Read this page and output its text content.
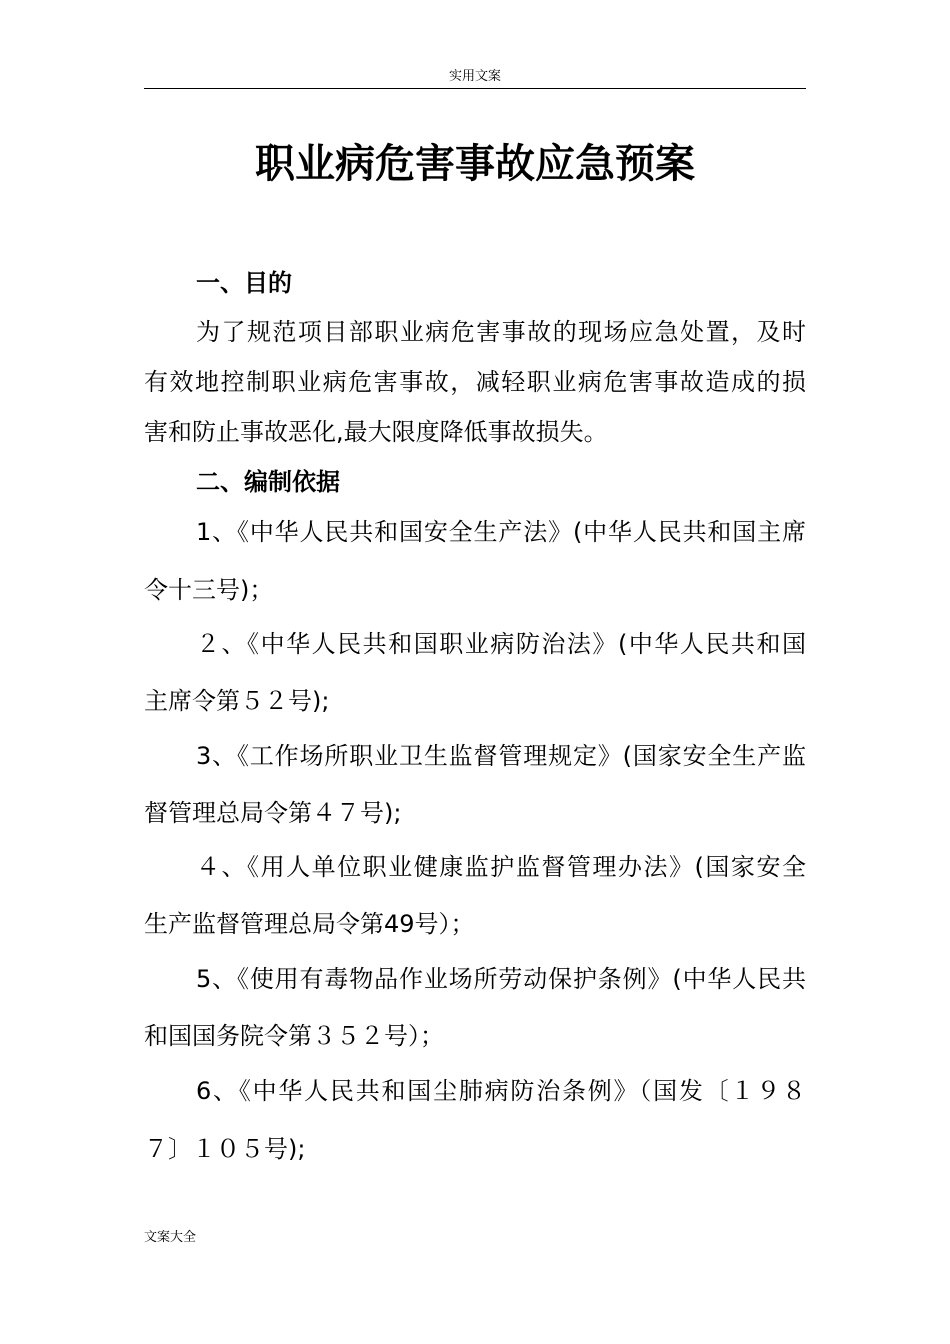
实用文案
职业病危害事故应急预案
一、目的
为了规范项目部职业病危害事故的现场应急处置，及时
有效地控制职业病危害事故，减轻职业病危害事故造成的损
害和防止事故恶化,最大限度降低事故损失。
二、编制依据
1、《中华人民共和国安全生产法》(中华人民共和国主席
令十三号)；
２、《中华人民共和国职业病防治法》(中华人民共和国
主席令第５２号);
3、《工作场所职业卫生监督管理规定》(国家安全生产监
督管理总局令第４７号);
４、《用人单位职业健康监护监督管理办法》(国家安全
生产监督管理总局令第49号）；
5、《使用有毒物品作业场所劳动保护条例》(中华人民共
和国国务院令第３５２号）；
6、《中华人民共和国尘肺病防治条例》（国发〔１９８
７〕１０５号);
文案大全
